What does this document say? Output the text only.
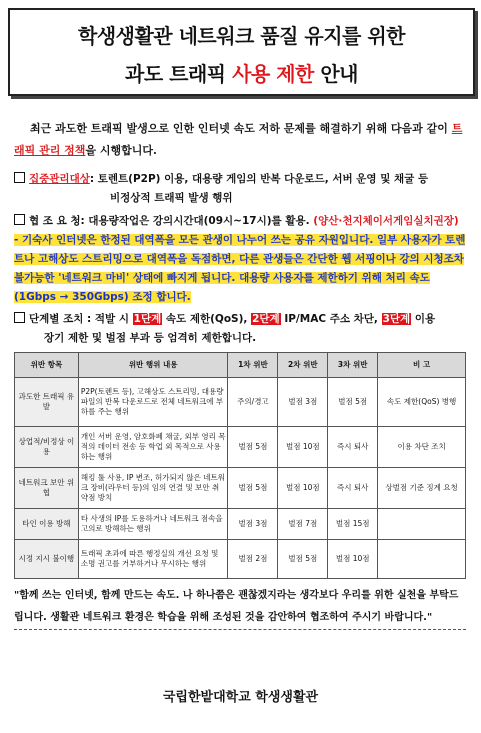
학생생활관 네트워크 품질 유지를 위한
과도 트래픽 사용 제한 안내
최근 과도한 트래픽 발생으로 인한 인터넷 속도 저하 문제를 해결하기 위해 다음과 같이 트래픽 관리 정책을 시행합니다.
집중관리대상: 토렌트(P2P) 이용, 대용량 게임의 반복 다운로드, 서버 운영 및 채굴 등
비정상적 트래픽 발생 행위
협 조 요 청: 대용량작업은 강의시간대(09시~17시)를 활용. (양산·천지체이서게임실치권장)
- 기숙사 인터넷은 한정된 대역폭을 모든 관생이 나누어 쓰는 공유 자원입니다. 일부 사용자가 토렌트나 고해상도 스트리밍으로 대역폭을 독점하면, 다른 관생들은 간단한 웹 서핑이나 강의 시청조차 불가능한 '네트워크 마비' 상태에 빠지게 됩니다. 대용량 사용자를 제한하기 위해 처리 속도 (1Gbps → 350Gbps) 조정 합니다.
단계별 조치 : 적발 시 1단계 속도 제한(QoS), 2단계 IP/MAC 주소 차단, 3단계 이용
장기 제한 및 벌점 부과 등 엄격히 제한합니다.
위반 항목	위반 행위 내용	1차 위반	2차 위반	3차 위반	비 고
과도한 트래픽 유발	P2P(토렌트 등), 고해상도 스트리밍, 대용량 파일의 반복 다운로드로 전체 네트워크에 부하를 주는 행위	주의/경고	벌점 3점	벌점 5점	속도 제한(QoS) 병행
상업적/비정상 이용	개인 서버 운영, 암호화폐 채굴, 외부 영리 목적의 데이터 전송 등 학업 외 목적으로 사용하는 행위	벌점 5점	벌점 10점	즉시 퇴사	이용 차단 조치
네트워크 보안 위협	해킹 툴 사용, IP 변조, 허가되지 않은 네트워크 장비(라우터 등)의 임의 연결 및 보안 취약점 방치	벌점 5점	벌점 10점	즉시 퇴사	상벌점 기준 징계 요청
타인 이용 방해	타 사생의 IP를 도용하거나 네트워크 점속을 고의로 방해하는 행위	벌점 3점	벌점 7점	벌점 15점	
시정 지시 불이행	트래픽 초과에 따른 행정실의 개선 요청 및 소명 권고를 거부하거나 무시하는 행위	벌점 2점	벌점 5점	벌점 10점	
"함께 쓰는 인터넷, 함께 만드는 속도. 나 하나쯤은 괜찮겠지라는 생각보다 우리를 위한 실천을 부탁드립니다. 생활관 네트워크 환경은 학습을 위해 조성된 것을 감안하여 협조하여 주시기 바랍니다."
국립한밭대학교 학생생활관
